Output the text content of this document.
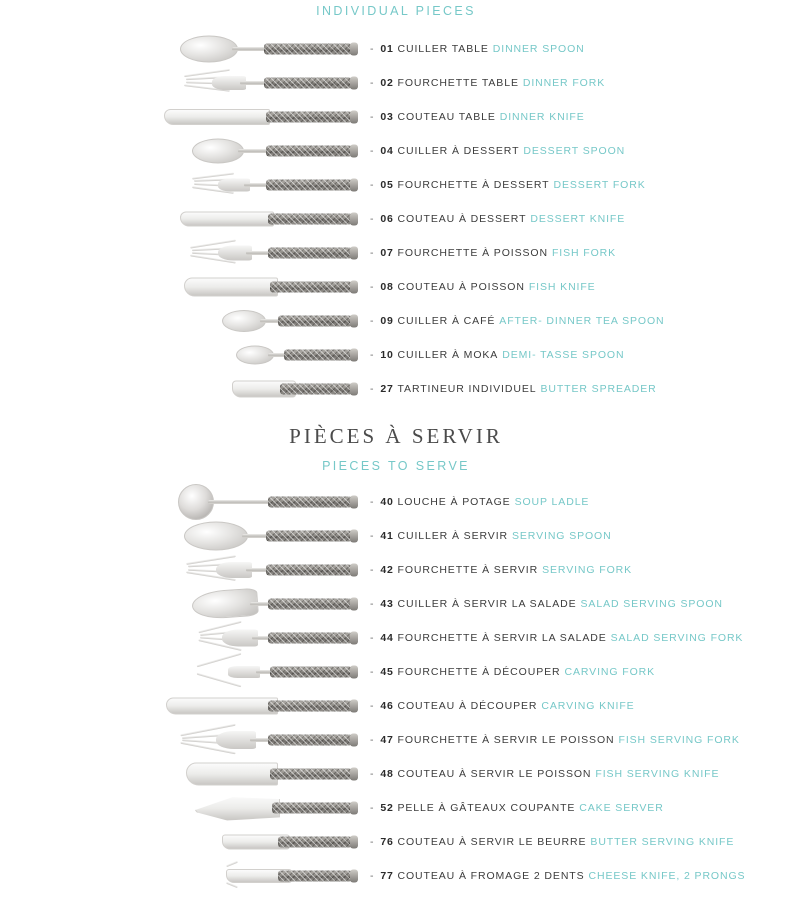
INDIVIDUAL PIECES
- 01 CUILLER TABLE DINNER SPOON
- 02 FOURCHETTE TABLE DINNER FORK
- 03 COUTEAU TABLE DINNER KNIFE
- 04 CUILLER À DESSERT DESSERT SPOON
- 05 FOURCHETTE À DESSERT DESSERT FORK
- 06 COUTEAU À DESSERT DESSERT KNIFE
- 07 FOURCHETTE À POISSON FISH FORK
- 08 COUTEAU À POISSON FISH KNIFE
- 09 CUILLER À CAFÉ AFTER- DINNER TEA SPOON
- 10 CUILLER À MOKA DEMI- TASSE SPOON
- 27 TARTINEUR INDIVIDUEL BUTTER SPREADER
PIÈCES À SERVIR
PIECES TO SERVE
- 40 LOUCHE À POTAGE SOUP LADLE
- 41 CUILLER À SERVIR SERVING SPOON
- 42 FOURCHETTE À SERVIR SERVING FORK
- 43 CUILLER À SERVIR LA SALADE SALAD SERVING SPOON
- 44 FOURCHETTE À SERVIR LA SALADE SALAD SERVING FORK
- 45 FOURCHETTE À DÉCOUPER CARVING FORK
- 46 COUTEAU À DÉCOUPER CARVING KNIFE
- 47 FOURCHETTE À SERVIR LE POISSON FISH SERVING FORK
- 48 COUTEAU À SERVIR LE POISSON FISH SERVING KNIFE
- 52 PELLE À GÂTEAUX COUPANTE CAKE SERVER
- 76 COUTEAU À SERVIR LE BEURRE BUTTER SERVING KNIFE
- 77 COUTEAU À FROMAGE 2 DENTS CHEESE KNIFE, 2 PRONGS
